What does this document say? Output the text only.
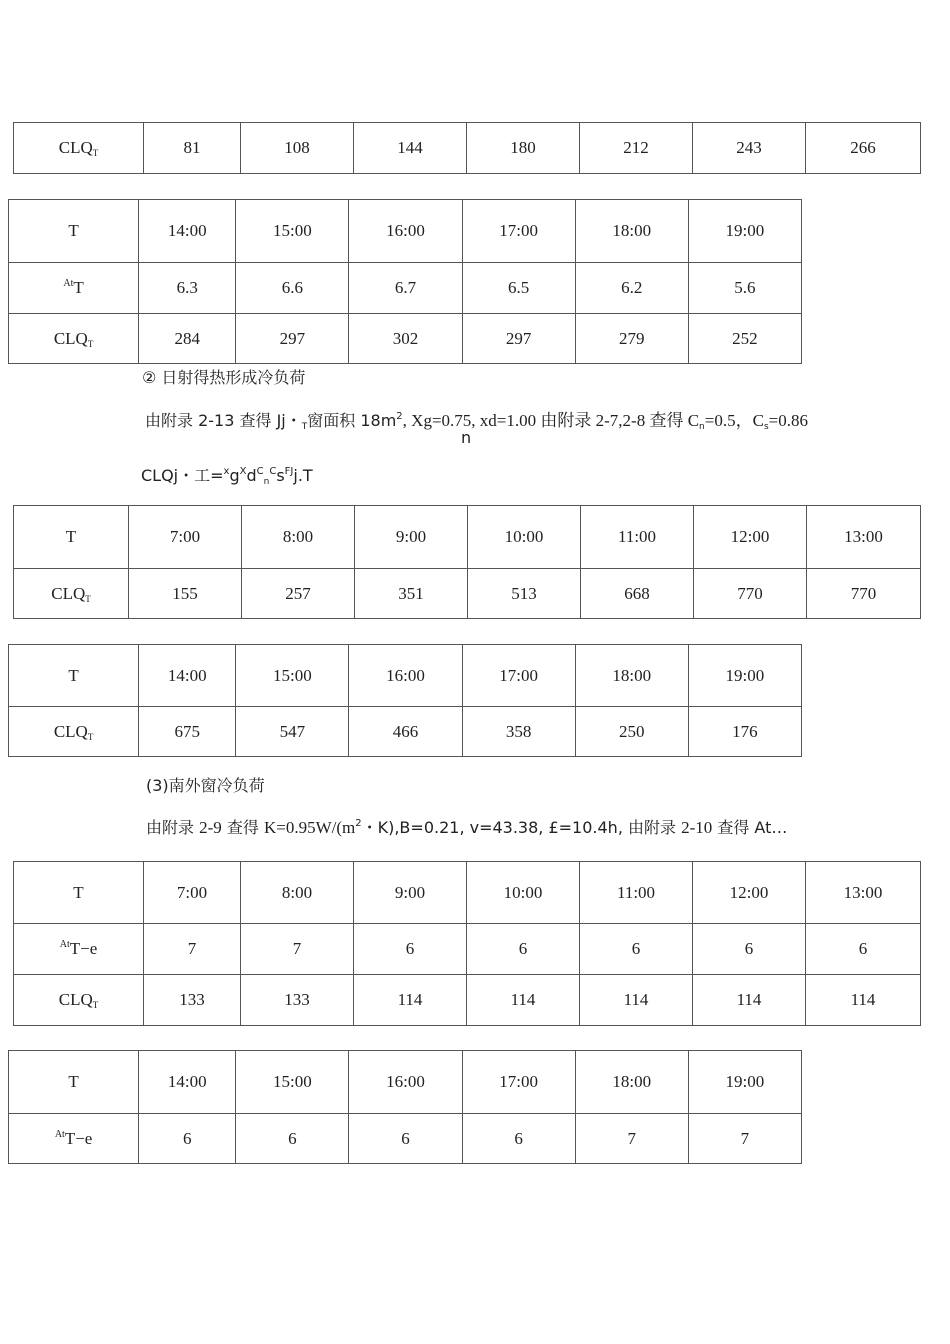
$CLQ_T$	81	108	144	180	212	243	266
T	14:00	15:00	16:00	17:00	18:00	19:00
$^{At}$T	6.3	6.6	6.7	6.5	6.2	5.6
$CLQ_T$	284	297	302	297	279	252
② 日射得热形成冷负荷
由附录 2-13 查得 Jj・$_T$窗面积 $18m^2$, Xg=0.75, xd=1.00 由附录 2-7,2-8 查得 $C_n=0.5$，$C_s=0.86$
n
CLQj・工$=^xg^Xd^C_n^Cs^{FJ}j.T$
T	7:00	8:00	9:00	10:00	11:00	12:00	13:00
$CLQ_T$	155	257	351	513	668	770	770
T	14:00	15:00	16:00	17:00	18:00	19:00
$CLQ_T$	675	547	466	358	250	176
(3)南外窗冷负荷
由附录 2-9 查得 $K=0.95W/(m^2$・K),B=0.21, v=43.38, £=10.4h, 由附录 2-10 查得 At…
T	7:00	8:00	9:00	10:00	11:00	12:00	13:00
$^{At}$T−e	7	7	6	6	6	6	6
$CLQ_T$	133	133	114	114	114	114	114
T	14:00	15:00	16:00	17:00	18:00	19:00
$^{At}$T−e	6	6	6	6	7	7
